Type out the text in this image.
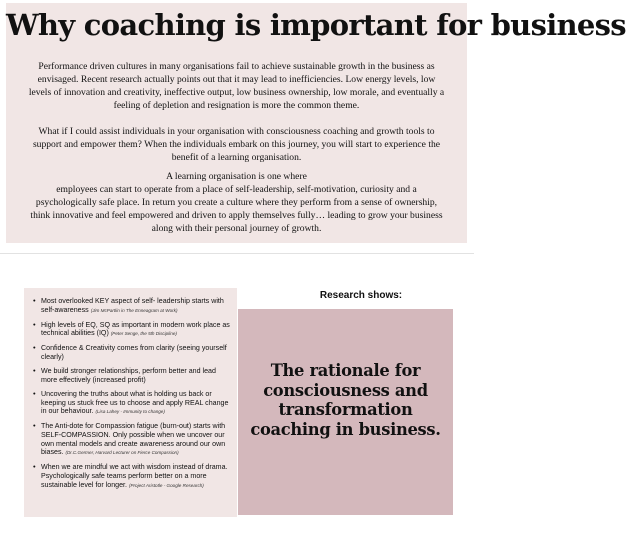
Why coaching is important for business
Performance driven cultures in many organisations fail to achieve sustainable growth in the business as envisaged. Recent research actually points out that it may lead to inefficiencies. Low energy levels, low levels of innovation and creativity, ineffective output, low business ownership, low morale, and eventually a feeling of depletion and resignation is more the common theme.
What if I could assist individuals in your organisation with consciousness coaching and growth tools to support and empower them? When the individuals embark on this journey, you will start to experience the benefit of a learning organisation.
A learning organisation is one where
employees can start to operate from a place of self-leadership, self-motivation, curiosity and a psychologically safe place. In return you create a culture where they perform from a sense of ownership, think innovative and feel empowered and driven to apply themselves fully… leading to grow your business along with their personal journey of growth.
Research shows:
• Most overlooked KEY aspect of self- leadership starts with self-awareness (Jim McPartlin in The Enneagram at Work)
• High levels of EQ, SQ as important in modern work place as technical abilities (IQ) (Peter Senge, the 5th Discipline)
• Confidence & Creativity comes from clarity (seeing yourself clearly)
• We build stronger relationships, perform better and lead more effectively (increased profit)
• Uncovering the truths about what is holding us back or keeping us stuck free us to choose and apply REAL change in our behaviour. (Lisa Lahey - Immunity to change)
• The Anti-dote for Compassion fatigue (burn-out) starts with SELF-COMPASSION. Only possible when we uncover our own mental models and create awareness around our own biases. (Dr.C.Germer, Harvard Lecturer on Fierce Compassion)
• When we are mindful we act with wisdom instead of drama. Psychologically safe teams perform better on a more sustainable level for longer. (Project Aristotle - Google Research)
The rationale for consciousness and transformation coaching in business.
